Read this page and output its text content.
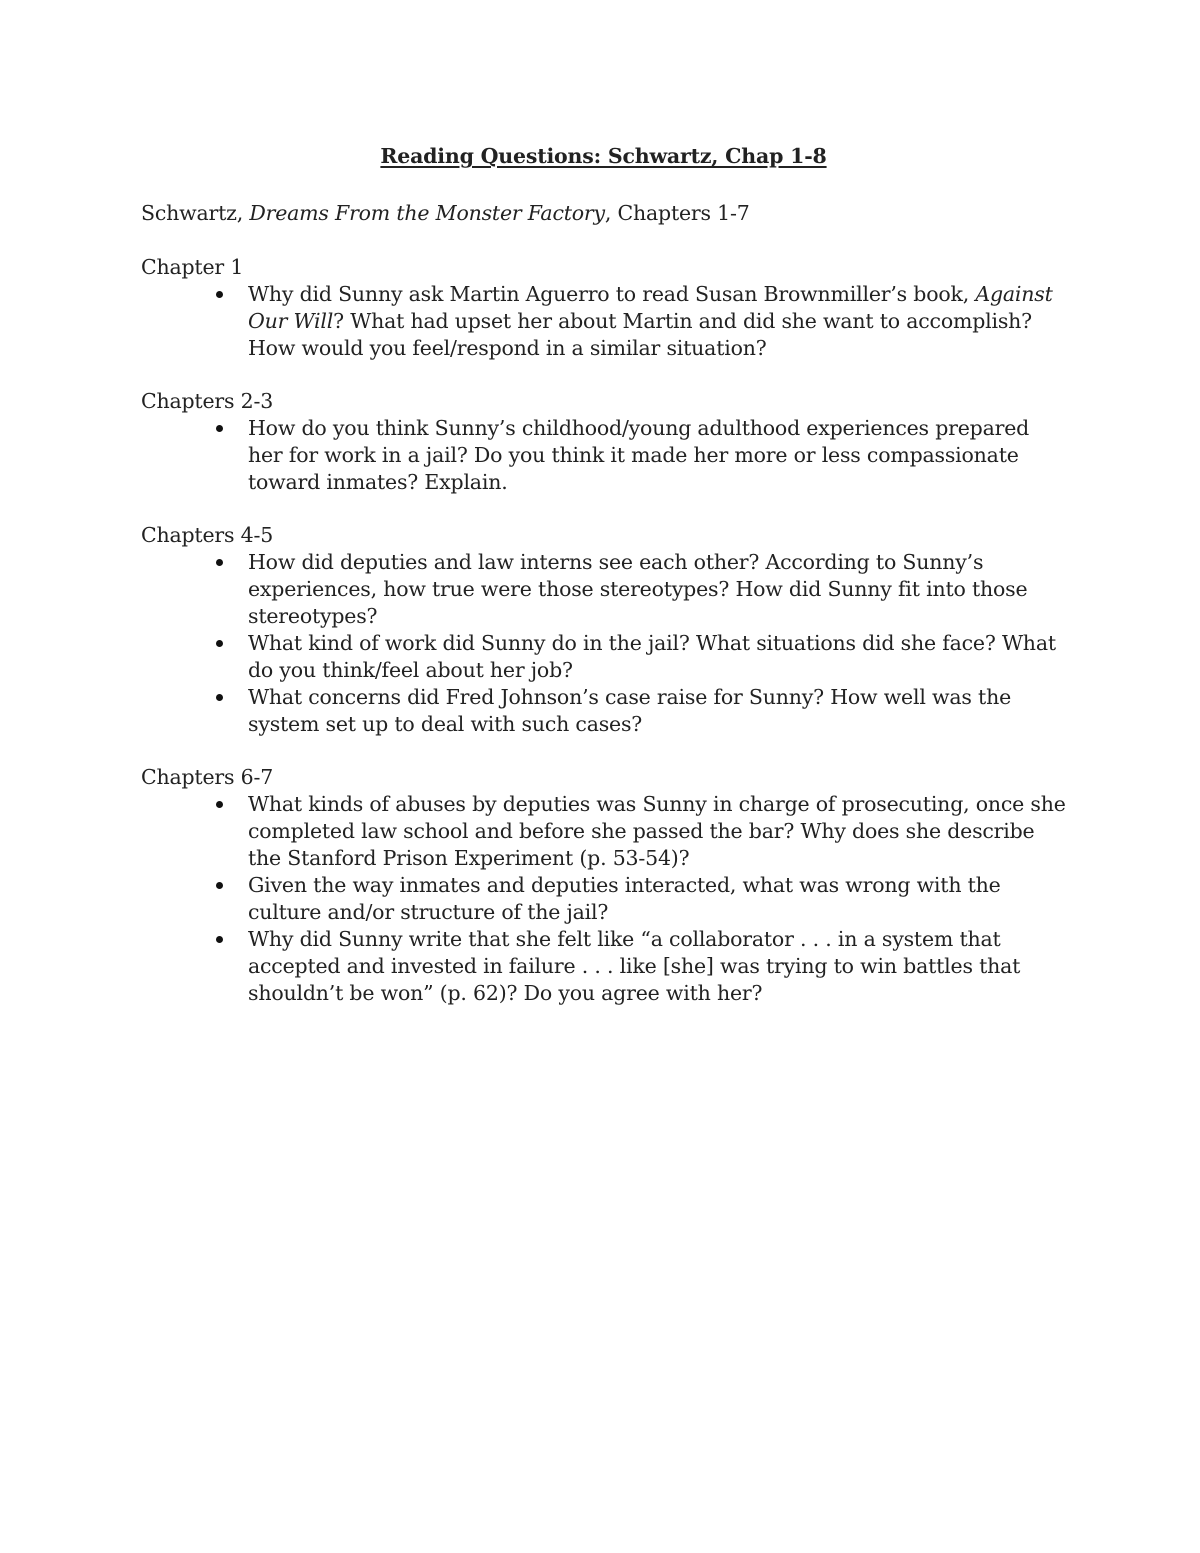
Reading Questions: Schwartz, Chap 1-8

Schwartz, Dreams From the Monster Factory, Chapters 1-7

Chapter 1

Why did Sunny ask Martin Aguerro to read Susan Brownmiller’s book, Against Our Will? What had upset her about Martin and did she want to accomplish? How would you feel/respond in a similar situation?

Chapters 2-3

How do you think Sunny’s childhood/young adulthood experiences prepared her for work in a jail? Do you think it made her more or less compassionate toward inmates? Explain.

Chapters 4-5

How did deputies and law interns see each other? According to Sunny’s experiences, how true were those stereotypes? How did Sunny fit into those stereotypes?
What kind of work did Sunny do in the jail? What situations did she face? What do you think/feel about her job?
What concerns did Fred Johnson’s case raise for Sunny? How well was the system set up to deal with such cases?

Chapters 6-7

What kinds of abuses by deputies was Sunny in charge of prosecuting, once she completed law school and before she passed the bar? Why does she describe the Stanford Prison Experiment (p. 53-54)?
Given the way inmates and deputies interacted, what was wrong with the culture and/or structure of the jail?
Why did Sunny write that she felt like “a collaborator . . . in a system that accepted and invested in failure . . . like [she] was trying to win battles that shouldn’t be won” (p. 62)? Do you agree with her?
